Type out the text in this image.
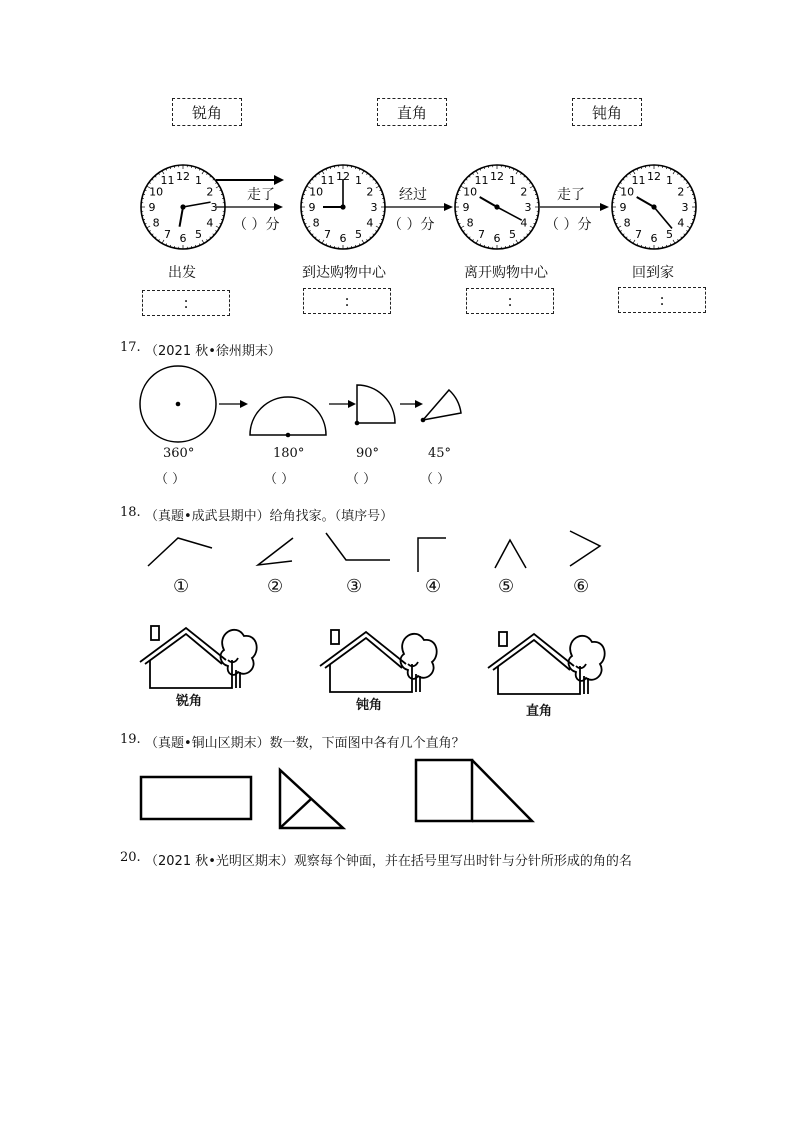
锐角	直角	钝角
12 1
2
3
4
5
6
7
8
9
10
11	12 1
2
3
4
5
6
7
8
9
10
11	12 1
2
3
4
5
6
7
8
9
10
11	12 1
2
3
4
5
6
7
8
9
10
11
走了
（ ）分
经过
（ ）分
走了
（ ）分
出发	到达购物中心	离开购物中心	回到家
:	:	:	:
17. （2021 秋•徐州期末）
360°	180°	90°	45°
（ ）	（ ）	（ ）	（ ）
18. （真题•成武县期中）给角找家。（填序号）
①	②	③	④	⑤	⑥
锐角	钝角	直角
19. （真题•铜山区期末）数一数，下面图中各有几个直角？
20. （2021 秋•光明区期末）观察每个钟面，并在括号里写出时针与分针所形成的角的名
